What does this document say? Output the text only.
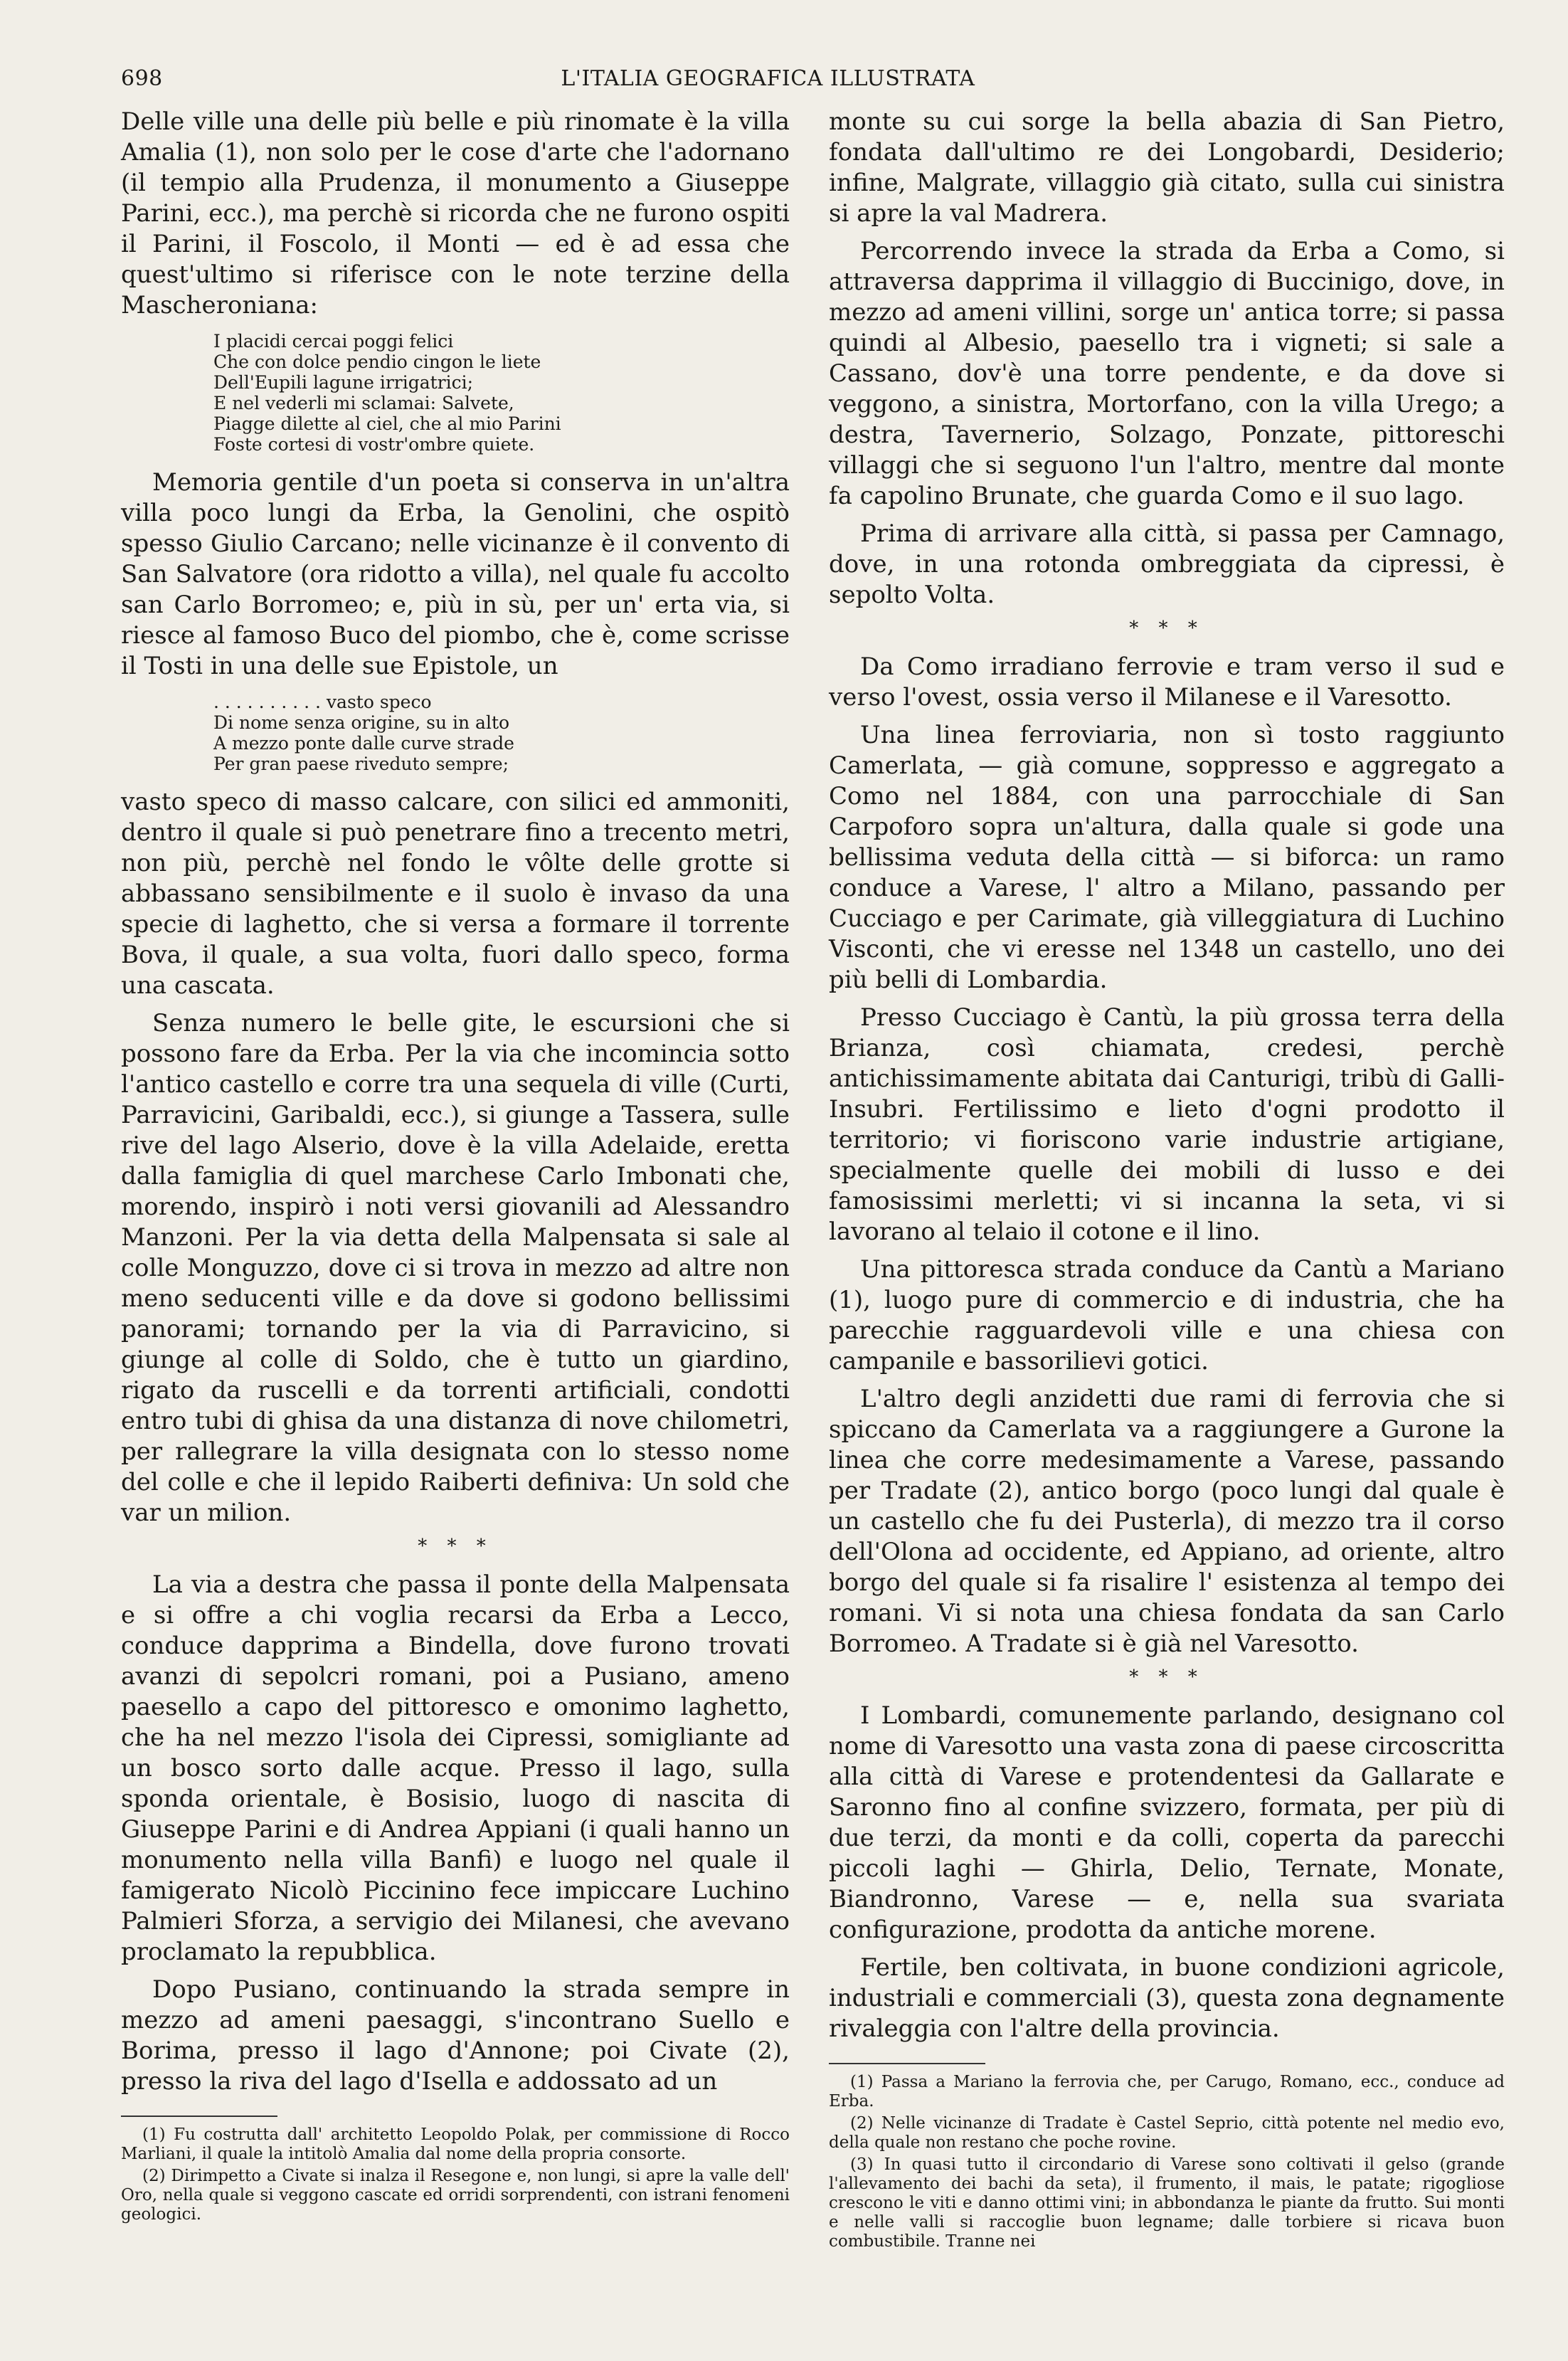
698	L'ITALIA GEOGRAFICA ILLUSTRATA

Delle ville una delle più belle e più rinomate è la villa Amalia (1), non solo per le cose d'arte che l'adornano (il tempio alla Prudenza, il monumento a Giuseppe Parini, ecc.), ma perchè si ricorda che ne furono ospiti il Parini, il Foscolo, il Monti — ed è ad essa che quest'ultimo si riferisce con le note terzine della Mascheroniana:

I placidi cercai poggi felici
Che con dolce pendio cingon le liete
Dell'Eupili lagune irrigatrici;
E nel vederli mi sclamai: Salvete,
Piagge dilette al ciel, che al mio Parini
Foste cortesi di vostr'ombre quiete.

Memoria gentile d'un poeta si conserva in un'altra villa poco lungi da Erba, la Genolini, che ospitò spesso Giulio Carcano; nelle vicinanze è il convento di San Salvatore (ora ridotto a villa), nel quale fu accolto san Carlo Borromeo; e, più in sù, per un' erta via, si riesce al famoso Buco del piombo, che è, come scrisse il Tosti in una delle sue Epistole, un

. . . . . . . . . . vasto speco
Di nome senza origine, su in alto
A mezzo ponte dalle curve strade
Per gran paese riveduto sempre;

vasto speco di masso calcare, con silici ed ammoniti, dentro il quale si può penetrare fino a trecento metri, non più, perchè nel fondo le vôlte delle grotte si abbassano sensibilmente e il suolo è invaso da una specie di laghetto, che si versa a formare il torrente Bova, il quale, a sua volta, fuori dallo speco, forma una cascata.

Senza numero le belle gite, le escursioni che si possono fare da Erba. Per la via che incomincia sotto l'antico castello e corre tra una sequela di ville (Curti, Parravicini, Garibaldi, ecc.), si giunge a Tassera, sulle rive del lago Alserio, dove è la villa Adelaide, eretta dalla famiglia di quel marchese Carlo Imbonati che, morendo, inspirò i noti versi giovanili ad Alessandro Manzoni. Per la via detta della Malpensata si sale al colle Monguzzo, dove ci si trova in mezzo ad altre non meno seducenti ville e da dove si godono bellissimi panorami; tornando per la via di Parravicino, si giunge al colle di Soldo, che è tutto un giardino, rigato da ruscelli e da torrenti artificiali, condotti entro tubi di ghisa da una distanza di nove chilometri, per rallegrare la villa designata con lo stesso nome del colle e che il lepido Raiberti definiva: Un sold che var un milion.

* * *

La via a destra che passa il ponte della Malpensata e si offre a chi voglia recarsi da Erba a Lecco, conduce dapprima a Bindella, dove furono trovati avanzi di sepolcri romani, poi a Pusiano, ameno paesello a capo del pittoresco e omonimo laghetto, che ha nel mezzo l'isola dei Cipressi, somigliante ad un bosco sorto dalle acque. Presso il lago, sulla sponda orientale, è Bosisio, luogo di nascita di Giuseppe Parini e di Andrea Appiani (i quali hanno un monumento nella villa Banfi) e luogo nel quale il famigerato Nicolò Piccinino fece impiccare Luchino Palmieri Sforza, a servigio dei Milanesi, che avevano proclamato la repubblica.

Dopo Pusiano, continuando la strada sempre in mezzo ad ameni paesaggi, s'incontrano Suello e Borima, presso il lago d'Annone; poi Civate (2), presso la riva del lago d'Isella e addossato ad un

(1) Fu costrutta dall' architetto Leopoldo Polak, per commissione di Rocco Marliani, il quale la intitolò Amalia dal nome della propria consorte.

(2) Dirimpetto a Civate si inalza il Resegone e, non lungi, si apre la valle dell' Oro, nella quale si veggono cascate ed orridi sorprendenti, con istrani fenomeni geologici.

monte su cui sorge la bella abazia di San Pietro, fondata dall'ultimo re dei Longobardi, Desiderio; infine, Malgrate, villaggio già citato, sulla cui sinistra si apre la val Madrera.

Percorrendo invece la strada da Erba a Como, si attraversa dapprima il villaggio di Buccinigo, dove, in mezzo ad ameni villini, sorge un' antica torre; si passa quindi al Albesio, paesello tra i vigneti; si sale a Cassano, dov'è una torre pendente, e da dove si veggono, a sinistra, Mortorfano, con la villa Urego; a destra, Tavernerio, Solzago, Ponzate, pittoreschi villaggi che si seguono l'un l'altro, mentre dal monte fa capolino Brunate, che guarda Como e il suo lago.

Prima di arrivare alla città, si passa per Camnago, dove, in una rotonda ombreggiata da cipressi, è sepolto Volta.

* * *

Da Como irradiano ferrovie e tram verso il sud e verso l'ovest, ossia verso il Milanese e il Varesotto.

Una linea ferroviaria, non sì tosto raggiunto Camerlata, — già comune, soppresso e aggregato a Como nel 1884, con una parrocchiale di San Carpoforo sopra un'altura, dalla quale si gode una bellissima veduta della città — si biforca: un ramo conduce a Varese, l' altro a Milano, passando per Cucciago e per Carimate, già villeggiatura di Luchino Visconti, che vi eresse nel 1348 un castello, uno dei più belli di Lombardia.

Presso Cucciago è Cantù, la più grossa terra della Brianza, così chiamata, credesi, perchè antichissimamente abitata dai Canturigi, tribù di Galli-Insubri. Fertilissimo e lieto d'ogni prodotto il territorio; vi fioriscono varie industrie artigiane, specialmente quelle dei mobili di lusso e dei famosissimi merletti; vi si incanna la seta, vi si lavorano al telaio il cotone e il lino.

Una pittoresca strada conduce da Cantù a Mariano (1), luogo pure di commercio e di industria, che ha parecchie ragguardevoli ville e una chiesa con campanile e bassorilievi gotici.

L'altro degli anzidetti due rami di ferrovia che si spiccano da Camerlata va a raggiungere a Gurone la linea che corre medesimamente a Varese, passando per Tradate (2), antico borgo (poco lungi dal quale è un castello che fu dei Pusterla), di mezzo tra il corso dell'Olona ad occidente, ed Appiano, ad oriente, altro borgo del quale si fa risalire l' esistenza al tempo dei romani. Vi si nota una chiesa fondata da san Carlo Borromeo. A Tradate si è già nel Varesotto.

* * *

I Lombardi, comunemente parlando, designano col nome di Varesotto una vasta zona di paese circoscritta alla città di Varese e protendentesi da Gallarate e Saronno fino al confine svizzero, formata, per più di due terzi, da monti e da colli, coperta da parecchi piccoli laghi — Ghirla, Delio, Ternate, Monate, Biandronno, Varese — e, nella sua svariata configurazione, prodotta da antiche morene.

Fertile, ben coltivata, in buone condizioni agricole, industriali e commerciali (3), questa zona degnamente rivaleggia con l'altre della provincia.

(1) Passa a Mariano la ferrovia che, per Carugo, Romano, ecc., conduce ad Erba.

(2) Nelle vicinanze di Tradate è Castel Seprio, città potente nel medio evo, della quale non restano che poche rovine.

(3) In quasi tutto il circondario di Varese sono coltivati il gelso (grande l'allevamento dei bachi da seta), il frumento, il mais, le patate; rigogliose crescono le viti e danno ottimi vini; in abbondanza le piante da frutto. Sui monti e nelle valli si raccoglie buon legname; dalle torbiere si ricava buon combustibile. Tranne nei
